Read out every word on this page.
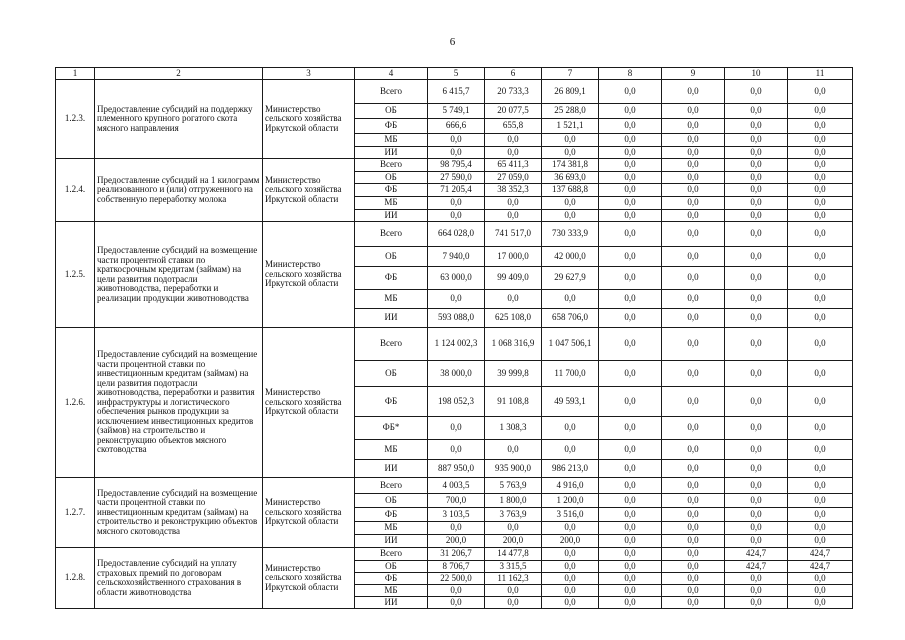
6
1	2	3	4	5	6	7	8	9	10	11
1.2.3.	Предоставление субсидий на поддержку племенного крупного рогатого скота мясного направления	Министерство сельского хозяйства Иркутской области	Всего	6 415,7	20 733,3	26 809,1	0,0	0,0	0,0	0,0
			ОБ	5 749,1	20 077,5	25 288,0	0,0	0,0	0,0	0,0
			ФБ	666,6	655,8	1 521,1	0,0	0,0	0,0	0,0
			МБ	0,0	0,0	0,0	0,0	0,0	0,0	0,0
			ИИ	0,0	0,0	0,0	0,0	0,0	0,0	0,0
1.2.4.	Предоставление субсидий на 1 килограмм реализованного и (или) отгруженного на собственную переработку молока	Министерство сельского хозяйства Иркутской области	Всего	98 795,4	65 411,3	174 381,8	0,0	0,0	0,0	0,0
			ОБ	27 590,0	27 059,0	36 693,0	0,0	0,0	0,0	0,0
			ФБ	71 205,4	38 352,3	137 688,8	0,0	0,0	0,0	0,0
			МБ	0,0	0,0	0,0	0,0	0,0	0,0	0,0
			ИИ	0,0	0,0	0,0	0,0	0,0	0,0	0,0
1.2.5.	Предоставление субсидий на возмещение части процентной ставки по краткосрочным кредитам (займам) на цели развития подотрасли животноводства, переработки и реализации продукции животноводства	Министерство сельского хозяйства Иркутской области	Всего	664 028,0	741 517,0	730 333,9	0,0	0,0	0,0	0,0
			ОБ	7 940,0	17 000,0	42 000,0	0,0	0,0	0,0	0,0
			ФБ	63 000,0	99 409,0	29 627,9	0,0	0,0	0,0	0,0
			МБ	0,0	0,0	0,0	0,0	0,0	0,0	0,0
			ИИ	593 088,0	625 108,0	658 706,0	0,0	0,0	0,0	0,0
1.2.6.	Предоставление субсидий на возмещение части процентной ставки по инвестиционным кредитам (займам) на цели развития подотрасли животноводства, переработки и развития инфраструктуры и логистического обеспечения рынков продукции за исключением инвестиционных кредитов (займов) на строительство и реконструкцию объектов мясного скотоводства	Министерство сельского хозяйства Иркутской области	Всего	1 124 002,3	1 068 316,9	1 047 506,1	0,0	0,0	0,0	0,0
			ОБ	38 000,0	39 999,8	11 700,0	0,0	0,0	0,0	0,0
			ФБ	198 052,3	91 108,8	49 593,1	0,0	0,0	0,0	0,0
			ФБ*	0,0	1 308,3	0,0	0,0	0,0	0,0	0,0
			МБ	0,0	0,0	0,0	0,0	0,0	0,0	0,0
			ИИ	887 950,0	935 900,0	986 213,0	0,0	0,0	0,0	0,0
1.2.7.	Предоставление субсидий на возмещение части процентной ставки по инвестиционным кредитам (займам) на строительство и реконструкцию объектов мясного скотоводства	Министерство сельского хозяйства Иркутской области	Всего	4 003,5	5 763,9	4 916,0	0,0	0,0	0,0	0,0
			ОБ	700,0	1 800,0	1 200,0	0,0	0,0	0,0	0,0
			ФБ	3 103,5	3 763,9	3 516,0	0,0	0,0	0,0	0,0
			МБ	0,0	0,0	0,0	0,0	0,0	0,0	0,0
			ИИ	200,0	200,0	200,0	0,0	0,0	0,0	0,0
1.2.8.	Предоставление субсидий на уплату страховых премий по договорам сельскохозяйственного страхования в области животноводства	Министерство сельского хозяйства Иркутской области	Всего	31 206,7	14 477,8	0,0	0,0	0,0	424,7	424,7
			ОБ	8 706,7	3 315,5	0,0	0,0	0,0	424,7	424,7
			ФБ	22 500,0	11 162,3	0,0	0,0	0,0	0,0	0,0
			МБ	0,0	0,0	0,0	0,0	0,0	0,0	0,0
			ИИ	0,0	0,0	0,0	0,0	0,0	0,0	0,0
